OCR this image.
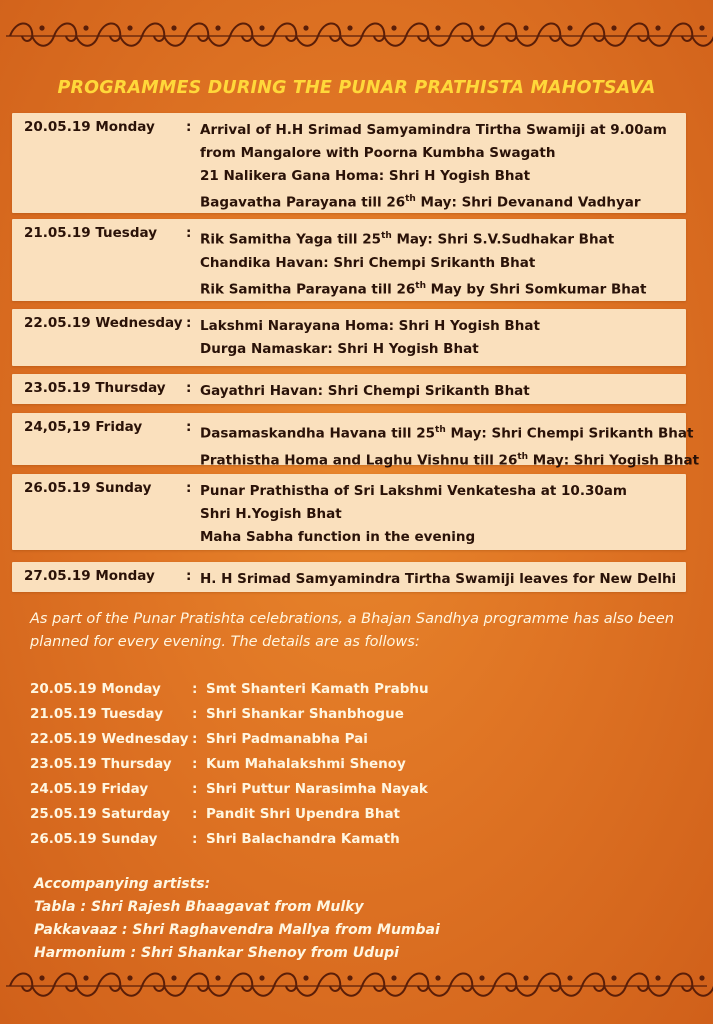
PROGRAMMES DURING THE PUNAR PRATHISTA MAHOTSAVA
20.05.19 Monday : Arrival of H.H Srimad Samyamindra Tirtha Swamiji at 9.00am
from Mangalore with Poorna Kumbha Swagath
21 Nalikera Gana Homa: Shri H Yogish Bhat
Bagavatha Parayana till 26th May: Shri Devanand Vadhyar
21.05.19 Tuesday : Rik Samitha Yaga till 25th May: Shri S.V.Sudhakar Bhat
Chandika Havan: Shri Chempi Srikanth Bhat
Rik Samitha Parayana till 26th May by Shri Somkumar Bhat
22.05.19 Wednesday : Lakshmi Narayana Homa: Shri H Yogish Bhat
Durga Namaskar: Shri H Yogish Bhat
23.05.19 Thursday : Gayathri Havan: Shri Chempi Srikanth Bhat
24,05,19 Friday	: Dasamaskandha Havana till 25th May: Shri Chempi Srikanth Bhat
Prathistha Homa and Laghu Vishnu till 26th May: Shri Yogish Bhat
26.05.19 Sunday	: Punar Prathistha of Sri Lakshmi Venkatesha at 10.30am
Shri H.Yogish Bhat
Maha Sabha function in the evening
27.05.19 Monday : H. H Srimad Samyamindra Tirtha Swamiji leaves for New Delhi
As part of the Punar Pratishta celebrations, a Bhajan Sandhya programme has also been planned for every evening. The details are as follows:
20.05.19 Monday : Smt Shanteri Kamath Prabhu
21.05.19 Tuesday : Shri Shankar Shanbhogue
22.05.19 Wednesday : Shri Padmanabha Pai
23.05.19 Thursday : Kum Mahalakshmi Shenoy
24.05.19 Friday	: Shri Puttur Narasimha Nayak
25.05.19 Saturday : Pandit Shri Upendra Bhat
26.05.19 Sunday	: Shri Balachandra Kamath
Accompanying artists:
Tabla : Shri Rajesh Bhaagavat from Mulky
Pakkavaaz : Shri Raghavendra Mallya from Mumbai
Harmonium : Shri Shankar Shenoy from Udupi
